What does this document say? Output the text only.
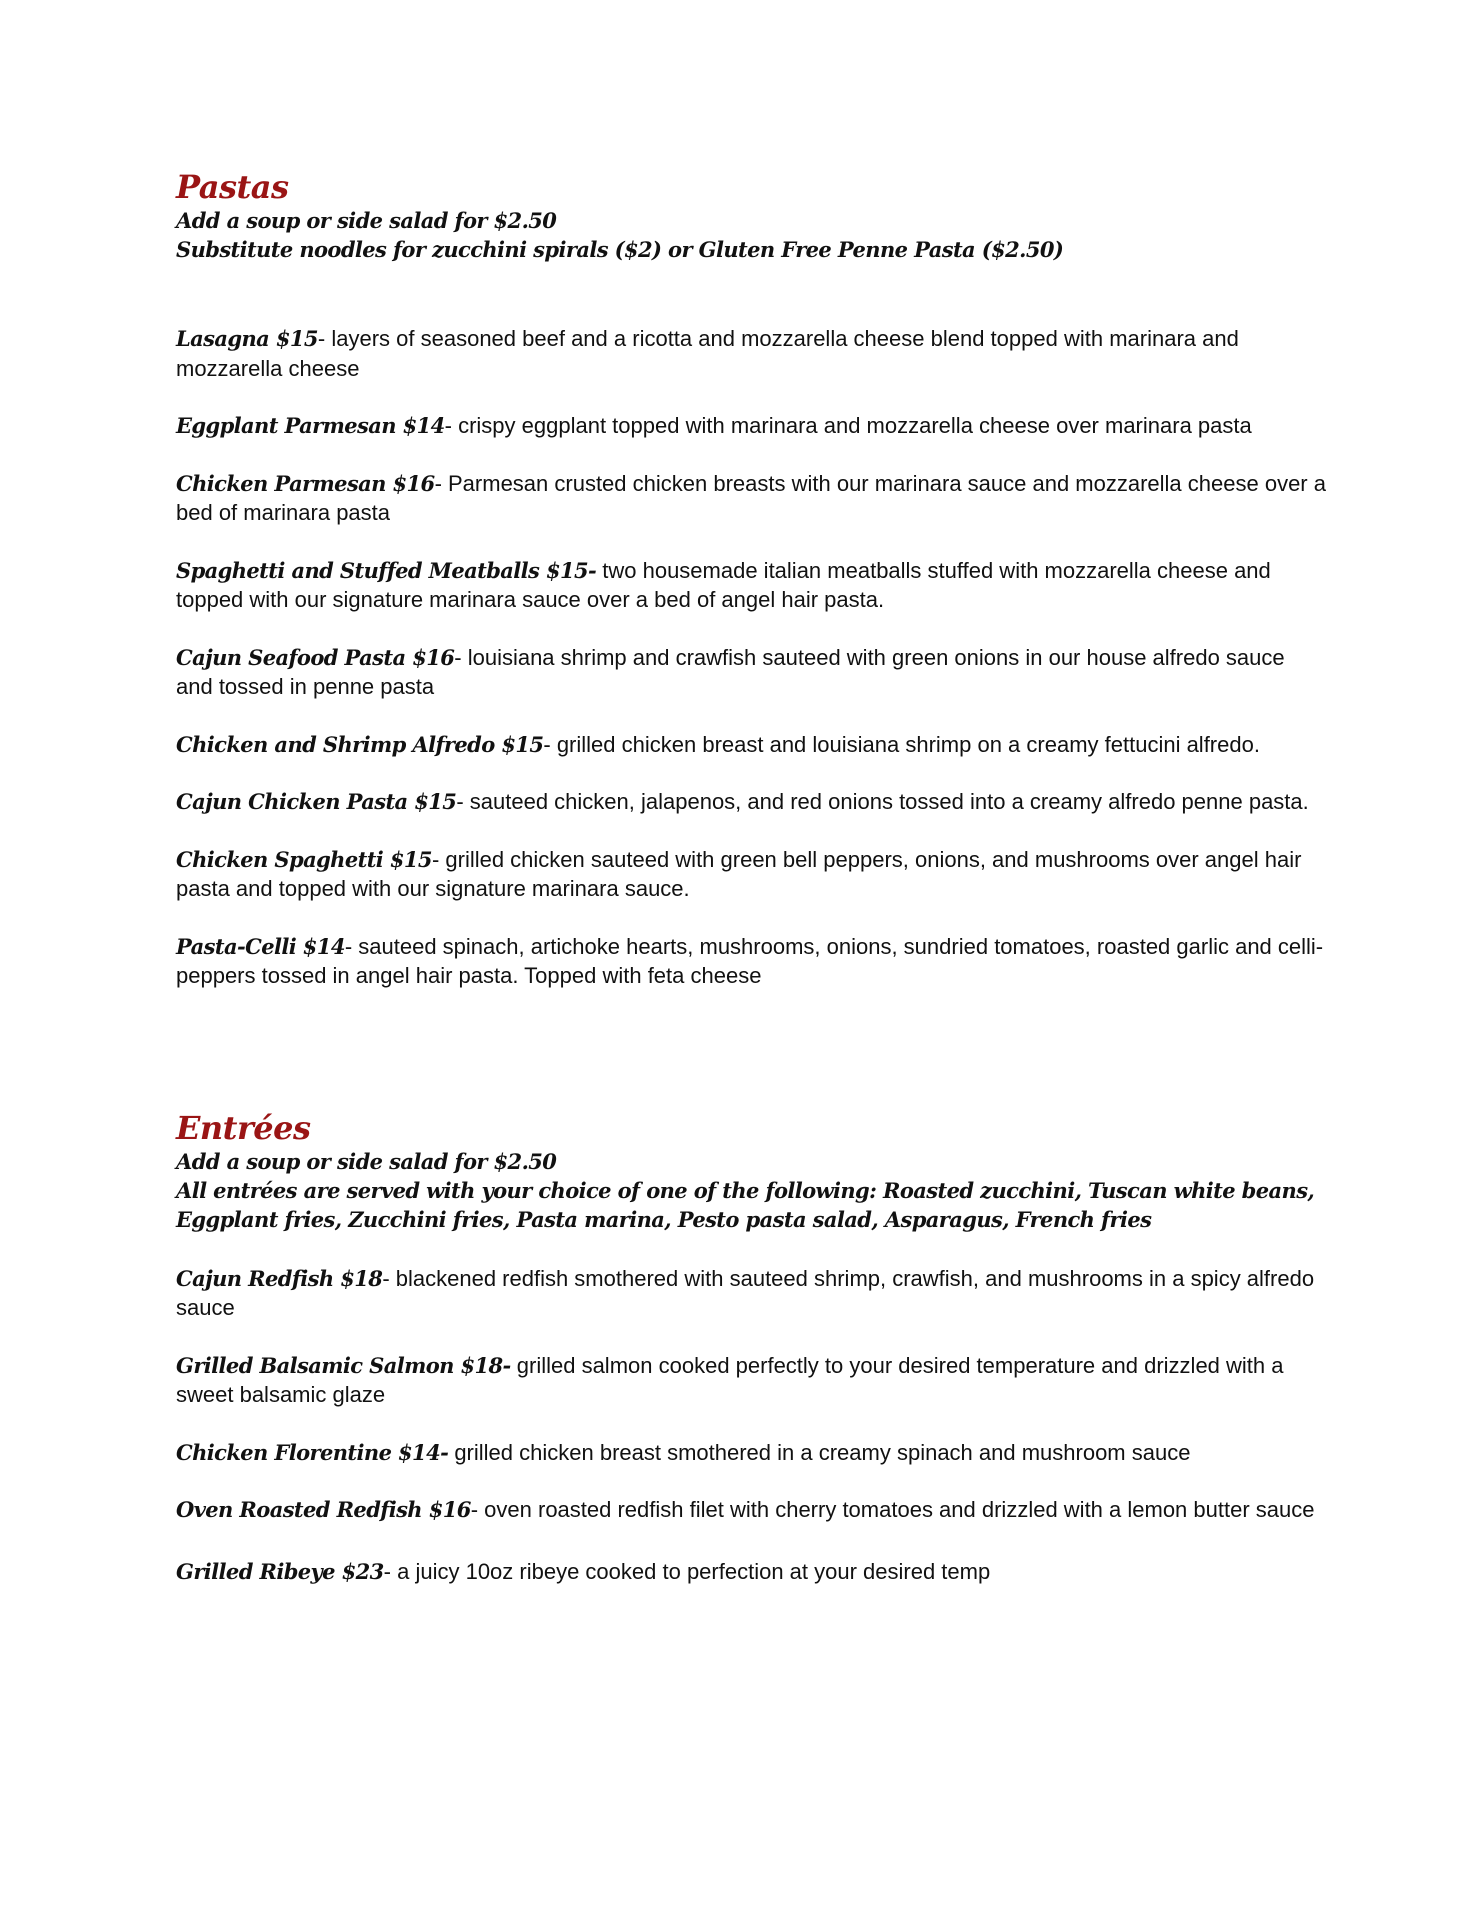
Pastas

Add a soup or side salad for $2.50

Substitute noodles for zucchini spirals ($2) or Gluten Free Penne Pasta ($2.50)

Lasagna $15- layers of seasoned beef and a ricotta and mozzarella cheese blend topped with marinara and mozzarella cheese
Eggplant Parmesan $14- crispy eggplant topped with marinara and mozzarella cheese over marinara pasta
Chicken Parmesan $16- Parmesan crusted chicken breasts with our marinara sauce and mozzarella cheese over a bed of marinara pasta
Spaghetti and Stuffed Meatballs $15- two housemade italian meatballs stuffed with mozzarella cheese and topped with our signature marinara sauce over a bed of angel hair pasta.
Cajun Seafood Pasta $16- louisiana shrimp and crawfish sauteed with green onions in our house alfredo sauce and tossed in penne pasta
Chicken and Shrimp Alfredo $15- grilled chicken breast and louisiana shrimp on a creamy fettucini alfredo.
Cajun Chicken Pasta $15- sauteed chicken, jalapenos, and red onions tossed into a creamy alfredo penne pasta.
Chicken Spaghetti $15- grilled chicken sauteed with green bell peppers, onions, and mushrooms over angel hair pasta and topped with our signature marinara sauce.
Pasta-Celli $14- sauteed spinach, artichoke hearts, mushrooms, onions, sundried tomatoes, roasted garlic and celli-peppers tossed in angel hair pasta. Topped with feta cheese
Entrées

Add a soup or side salad for $2.50

All entrées are served with your choice of one of the following: Roasted zucchini, Tuscan white beans, Eggplant fries, Zucchini fries, Pasta marina, Pesto pasta salad, Asparagus, French fries

Cajun Redfish $18- blackened redfish smothered with sauteed shrimp, crawfish, and mushrooms in a spicy alfredo sauce
Grilled Balsamic Salmon $18- grilled salmon cooked perfectly to your desired temperature and drizzled with a sweet balsamic glaze
Chicken Florentine $14- grilled chicken breast smothered in a creamy spinach and mushroom sauce
Oven Roasted Redfish $16- oven roasted redfish filet with cherry tomatoes and drizzled with a lemon butter sauce
Grilled Ribeye $23- a juicy 10oz ribeye cooked to perfection at your desired temp
